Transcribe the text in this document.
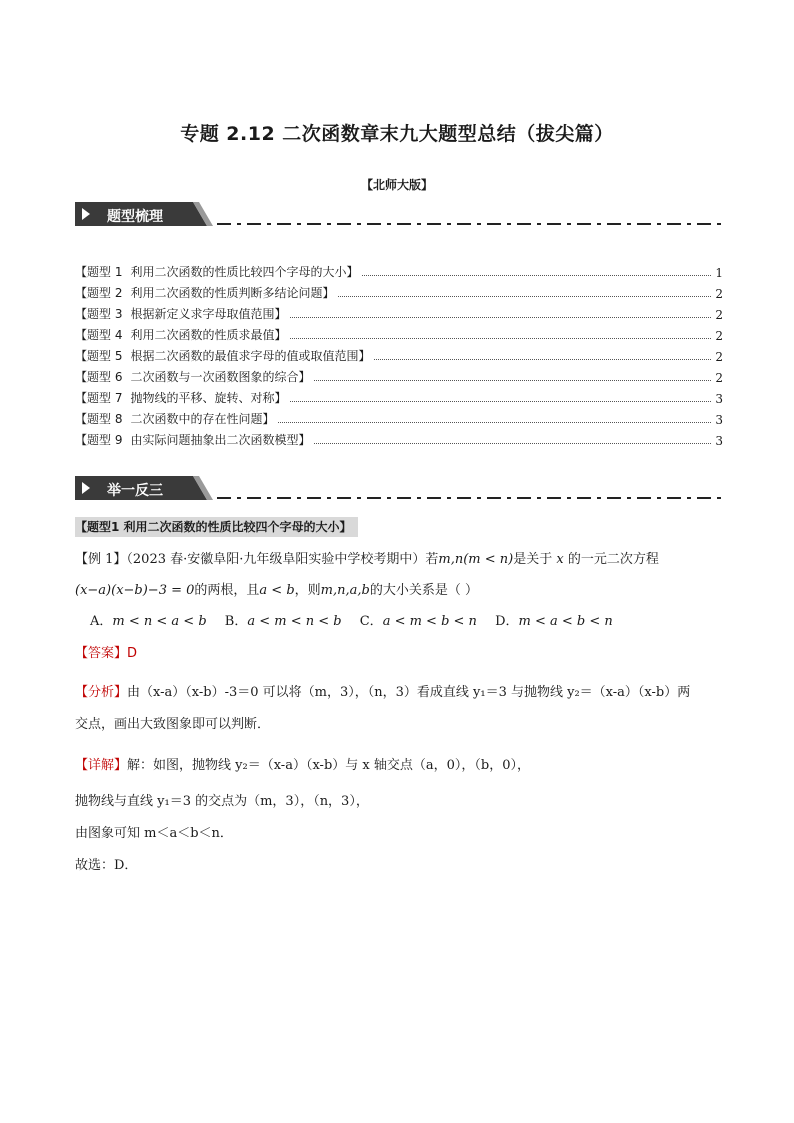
专题 2.12 二次函数章末九大题型总结（拔尖篇）
【北师大版】
题型梳理
【题型 1 利用二次函数的性质比较四个字母的大小 】	1
【题型 2 利用二次函数的性质判断多结论问题 】	2
【题型 3 根据新定义求字母取值范围 】	2
【题型 4 利用二次函数的性质求最值 】	2
【题型 5 根据二次函数的最值求字母的值或取值范围 】	2
【题型 6 二次函数与一次函数图象的综合 】	2
【题型 7 抛物线的平移、旋转、对称 】	3
【题型 8 二次函数中的存在性问题 】	3
【题型 9 由实际问题抽象出二次函数模型 】	3
举一反三
【题型1 利用二次函数的性质比较四个字母的大小】
【例 1】（2023 春·安徽阜阳·九年级阜阳实验中学校考期中）若m,n(m < n)是关于 x 的一元二次方程
(x−a)(x−b)−3 = 0的两根，且a < b，则m,n,a,b的大小关系是（ ）
A．m < n < a < b B．a < m < n < b C．a < m < b < n D．m < a < b < n
【答案】D
【分析】由（x-a）（x-b）-3＝0 可以将（m，3），（n，3）看成直线 y₁＝3 与抛物线 y₂＝（x-a）（x-b）两
交点，画出大致图象即可以判断．
【详解】解：如图，抛物线 y₂＝（x-a）（x-b）与 x 轴交点（a，0），（b，0），
抛物线与直线 y₁＝3 的交点为（m，3），（n，3），
由图象可知 m＜a＜b＜n．
故选：D．
